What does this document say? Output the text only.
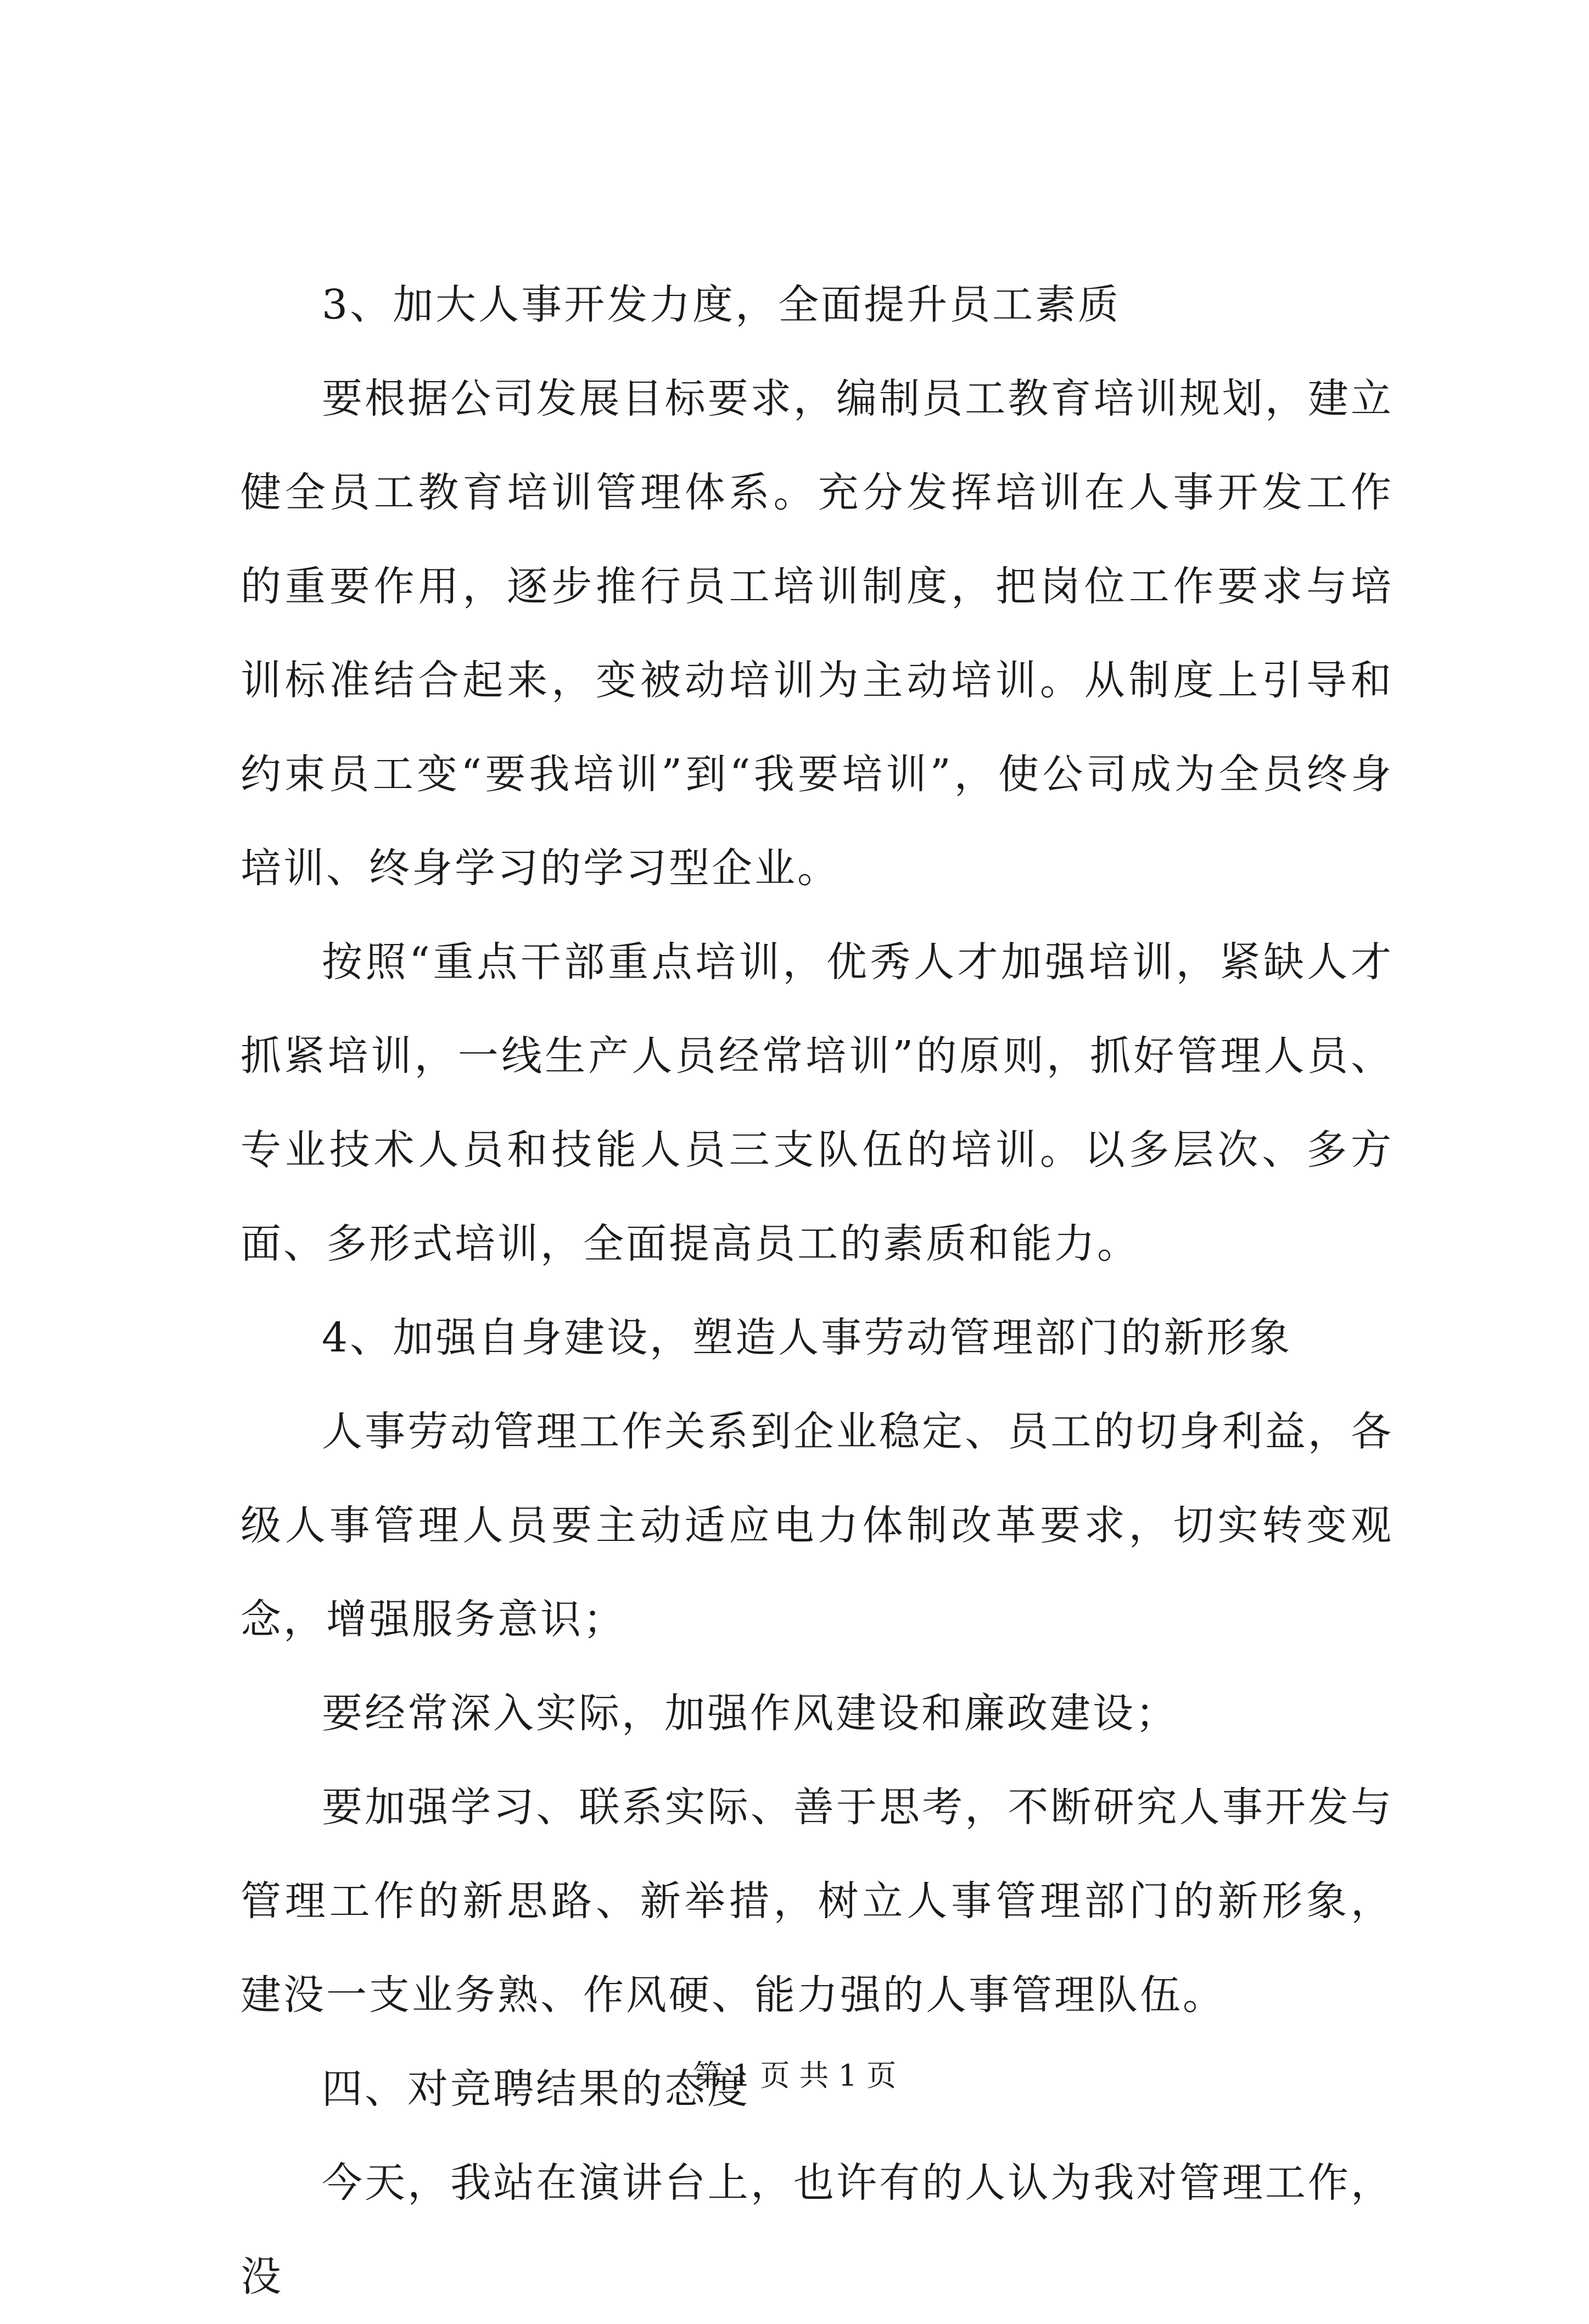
3、加大人事开发力度，全面提升员工素质

要根据公司发展目标要求，编制员工教育培训规划，建立健全员工教育培训管理体系。充分发挥培训在人事开发工作的重要作用，逐步推行员工培训制度，把岗位工作要求与培训标准结合起来，变被动培训为主动培训。从制度上引导和约束员工变“要我培训”到“我要培训”，使公司成为全员终身培训、终身学习的学习型企业。

按照“重点干部重点培训，优秀人才加强培训，紧缺人才抓紧培训，一线生产人员经常培训”的原则，抓好管理人员、专业技术人员和技能人员三支队伍的培训。以多层次、多方面、多形式培训，全面提高员工的素质和能力。

4、加强自身建设，塑造人事劳动管理部门的新形象

人事劳动管理工作关系到企业稳定、员工的切身利益，各级人事管理人员要主动适应电力体制改革要求，切实转变观念，增强服务意识；

要经常深入实际，加强作风建设和廉政建设；

要加强学习、联系实际、善于思考，不断研究人事开发与管理工作的新思路、新举措，树立人事管理部门的新形象，建没一支业务熟、作风硬、能力强的人事管理队伍。

四、对竞聘结果的态度

今天，我站在演讲台上，也许有的人认为我对管理工作，没

第 1 页 共 1 页
